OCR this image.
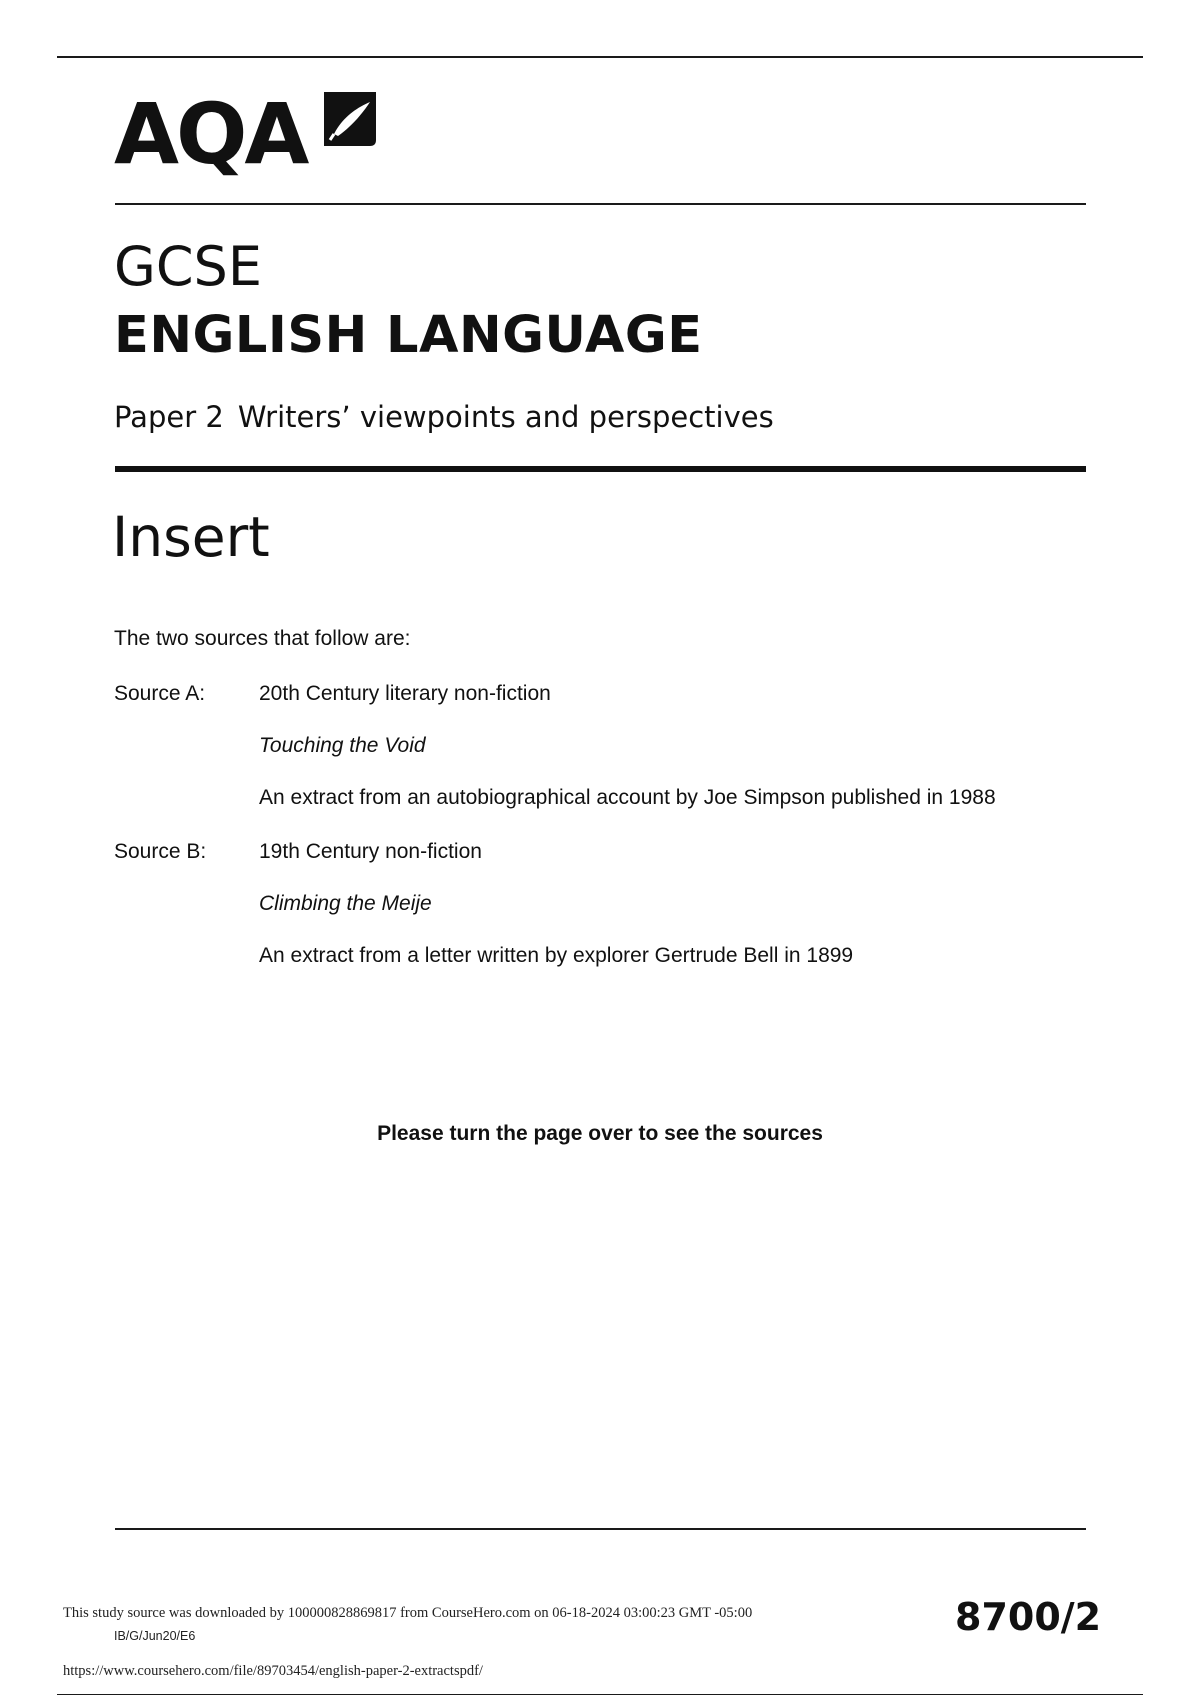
AQA
GCSE
ENGLISH LANGUAGE
Paper 2 Writers’ viewpoints and perspectives
Insert
The two sources that follow are:
Source A:	20th Century literary non-fiction
Touching the Void
An extract from an autobiographical account by Joe Simpson published in 1988
Source B:	19th Century non-fiction
Climbing the Meije
An extract from a letter written by explorer Gertrude Bell in 1899
Please turn the page over to see the sources
This study source was downloaded by 100000828869817 from CourseHero.com on 06-18-2024 03:00:23 GMT -05:00
IB/G/Jun20/E6	8700/2
https://www.coursehero.com/file/89703454/english-paper-2-extractspdf/
